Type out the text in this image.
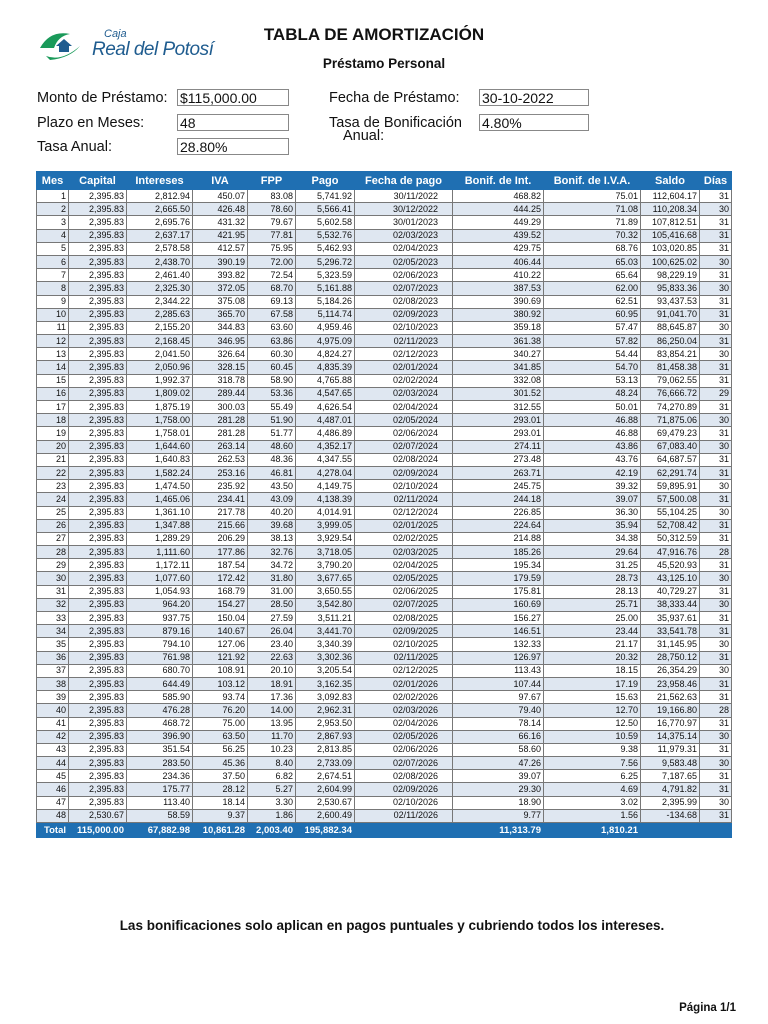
Caja
Real del Potosí
TABLA DE AMORTIZACIÓN
Préstamo Personal
Monto de Préstamo: $115,000.00
Plazo en Meses:	48
Tasa Anual:	28.80%
Fecha de Préstamo: 30-10-2022
Tasa de Bonificación
Anual:
4.80%
Mes	Capital	Intereses	IVA	FPP	Pago	Fecha de pago	Bonif. de Int.	Bonif. de I.V.A.	Saldo	Días
1	2,395.83	2,812.94	450.07	83.08	5,741.92	30/11/2022	468.82	75.01	112,604.17	31
2	2,395.83	2,665.50	426.48	78.60	5,566.41	30/12/2022	444.25	71.08	110,208.34	30
3	2,395.83	2,695.76	431.32	79.67	5,602.58	30/01/2023	449.29	71.89	107,812.51	31
4	2,395.83	2,637.17	421.95	77.81	5,532.76	02/03/2023	439.52	70.32	105,416.68	31
5	2,395.83	2,578.58	412.57	75.95	5,462.93	02/04/2023	429.75	68.76	103,020.85	31
6	2,395.83	2,438.70	390.19	72.00	5,296.72	02/05/2023	406.44	65.03	100,625.02	30
7	2,395.83	2,461.40	393.82	72.54	5,323.59	02/06/2023	410.22	65.64	98,229.19	31
8	2,395.83	2,325.30	372.05	68.70	5,161.88	02/07/2023	387.53	62.00	95,833.36	30
9	2,395.83	2,344.22	375.08	69.13	5,184.26	02/08/2023	390.69	62.51	93,437.53	31
10	2,395.83	2,285.63	365.70	67.58	5,114.74	02/09/2023	380.92	60.95	91,041.70	31
11	2,395.83	2,155.20	344.83	63.60	4,959.46	02/10/2023	359.18	57.47	88,645.87	30
12	2,395.83	2,168.45	346.95	63.86	4,975.09	02/11/2023	361.38	57.82	86,250.04	31
13	2,395.83	2,041.50	326.64	60.30	4,824.27	02/12/2023	340.27	54.44	83,854.21	30
14	2,395.83	2,050.96	328.15	60.45	4,835.39	02/01/2024	341.85	54.70	81,458.38	31
15	2,395.83	1,992.37	318.78	58.90	4,765.88	02/02/2024	332.08	53.13	79,062.55	31
16	2,395.83	1,809.02	289.44	53.36	4,547.65	02/03/2024	301.52	48.24	76,666.72	29
17	2,395.83	1,875.19	300.03	55.49	4,626.54	02/04/2024	312.55	50.01	74,270.89	31
18	2,395.83	1,758.00	281.28	51.90	4,487.01	02/05/2024	293.01	46.88	71,875.06	30
19	2,395.83	1,758.01	281.28	51.77	4,486.89	02/06/2024	293.01	46.88	69,479.23	31
20	2,395.83	1,644.60	263.14	48.60	4,352.17	02/07/2024	274.11	43.86	67,083.40	30
21	2,395.83	1,640.83	262.53	48.36	4,347.55	02/08/2024	273.48	43.76	64,687.57	31
22	2,395.83	1,582.24	253.16	46.81	4,278.04	02/09/2024	263.71	42.19	62,291.74	31
23	2,395.83	1,474.50	235.92	43.50	4,149.75	02/10/2024	245.75	39.32	59,895.91	30
24	2,395.83	1,465.06	234.41	43.09	4,138.39	02/11/2024	244.18	39.07	57,500.08	31
25	2,395.83	1,361.10	217.78	40.20	4,014.91	02/12/2024	226.85	36.30	55,104.25	30
26	2,395.83	1,347.88	215.66	39.68	3,999.05	02/01/2025	224.64	35.94	52,708.42	31
27	2,395.83	1,289.29	206.29	38.13	3,929.54	02/02/2025	214.88	34.38	50,312.59	31
28	2,395.83	1,111.60	177.86	32.76	3,718.05	02/03/2025	185.26	29.64	47,916.76	28
29	2,395.83	1,172.11	187.54	34.72	3,790.20	02/04/2025	195.34	31.25	45,520.93	31
30	2,395.83	1,077.60	172.42	31.80	3,677.65	02/05/2025	179.59	28.73	43,125.10	30
31	2,395.83	1,054.93	168.79	31.00	3,650.55	02/06/2025	175.81	28.13	40,729.27	31
32	2,395.83	964.20	154.27	28.50	3,542.80	02/07/2025	160.69	25.71	38,333.44	30
33	2,395.83	937.75	150.04	27.59	3,511.21	02/08/2025	156.27	25.00	35,937.61	31
34	2,395.83	879.16	140.67	26.04	3,441.70	02/09/2025	146.51	23.44	33,541.78	31
35	2,395.83	794.10	127.06	23.40	3,340.39	02/10/2025	132.33	21.17	31,145.95	30
36	2,395.83	761.98	121.92	22.63	3,302.36	02/11/2025	126.97	20.32	28,750.12	31
37	2,395.83	680.70	108.91	20.10	3,205.54	02/12/2025	113.43	18.15	26,354.29	30
38	2,395.83	644.49	103.12	18.91	3,162.35	02/01/2026	107.44	17.19	23,958.46	31
39	2,395.83	585.90	93.74	17.36	3,092.83	02/02/2026	97.67	15.63	21,562.63	31
40	2,395.83	476.28	76.20	14.00	2,962.31	02/03/2026	79.40	12.70	19,166.80	28
41	2,395.83	468.72	75.00	13.95	2,953.50	02/04/2026	78.14	12.50	16,770.97	31
42	2,395.83	396.90	63.50	11.70	2,867.93	02/05/2026	66.16	10.59	14,375.14	30
43	2,395.83	351.54	56.25	10.23	2,813.85	02/06/2026	58.60	9.38	11,979.31	31
44	2,395.83	283.50	45.36	8.40	2,733.09	02/07/2026	47.26	7.56	9,583.48	30
45	2,395.83	234.36	37.50	6.82	2,674.51	02/08/2026	39.07	6.25	7,187.65	31
46	2,395.83	175.77	28.12	5.27	2,604.99	02/09/2026	29.30	4.69	4,791.82	31
47	2,395.83	113.40	18.14	3.30	2,530.67	02/10/2026	18.90	3.02	2,395.99	30
48	2,530.67	58.59	9.37	1.86	2,600.49	02/11/2026	9.77	1.56	-134.68	31
Total	115,000.00	67,882.98	10,861.28	2,003.40	195,882.34		11,313.79	1,810.21		
Las bonificaciones solo aplican en pagos puntuales y cubriendo todos los intereses.
Página 1/1
